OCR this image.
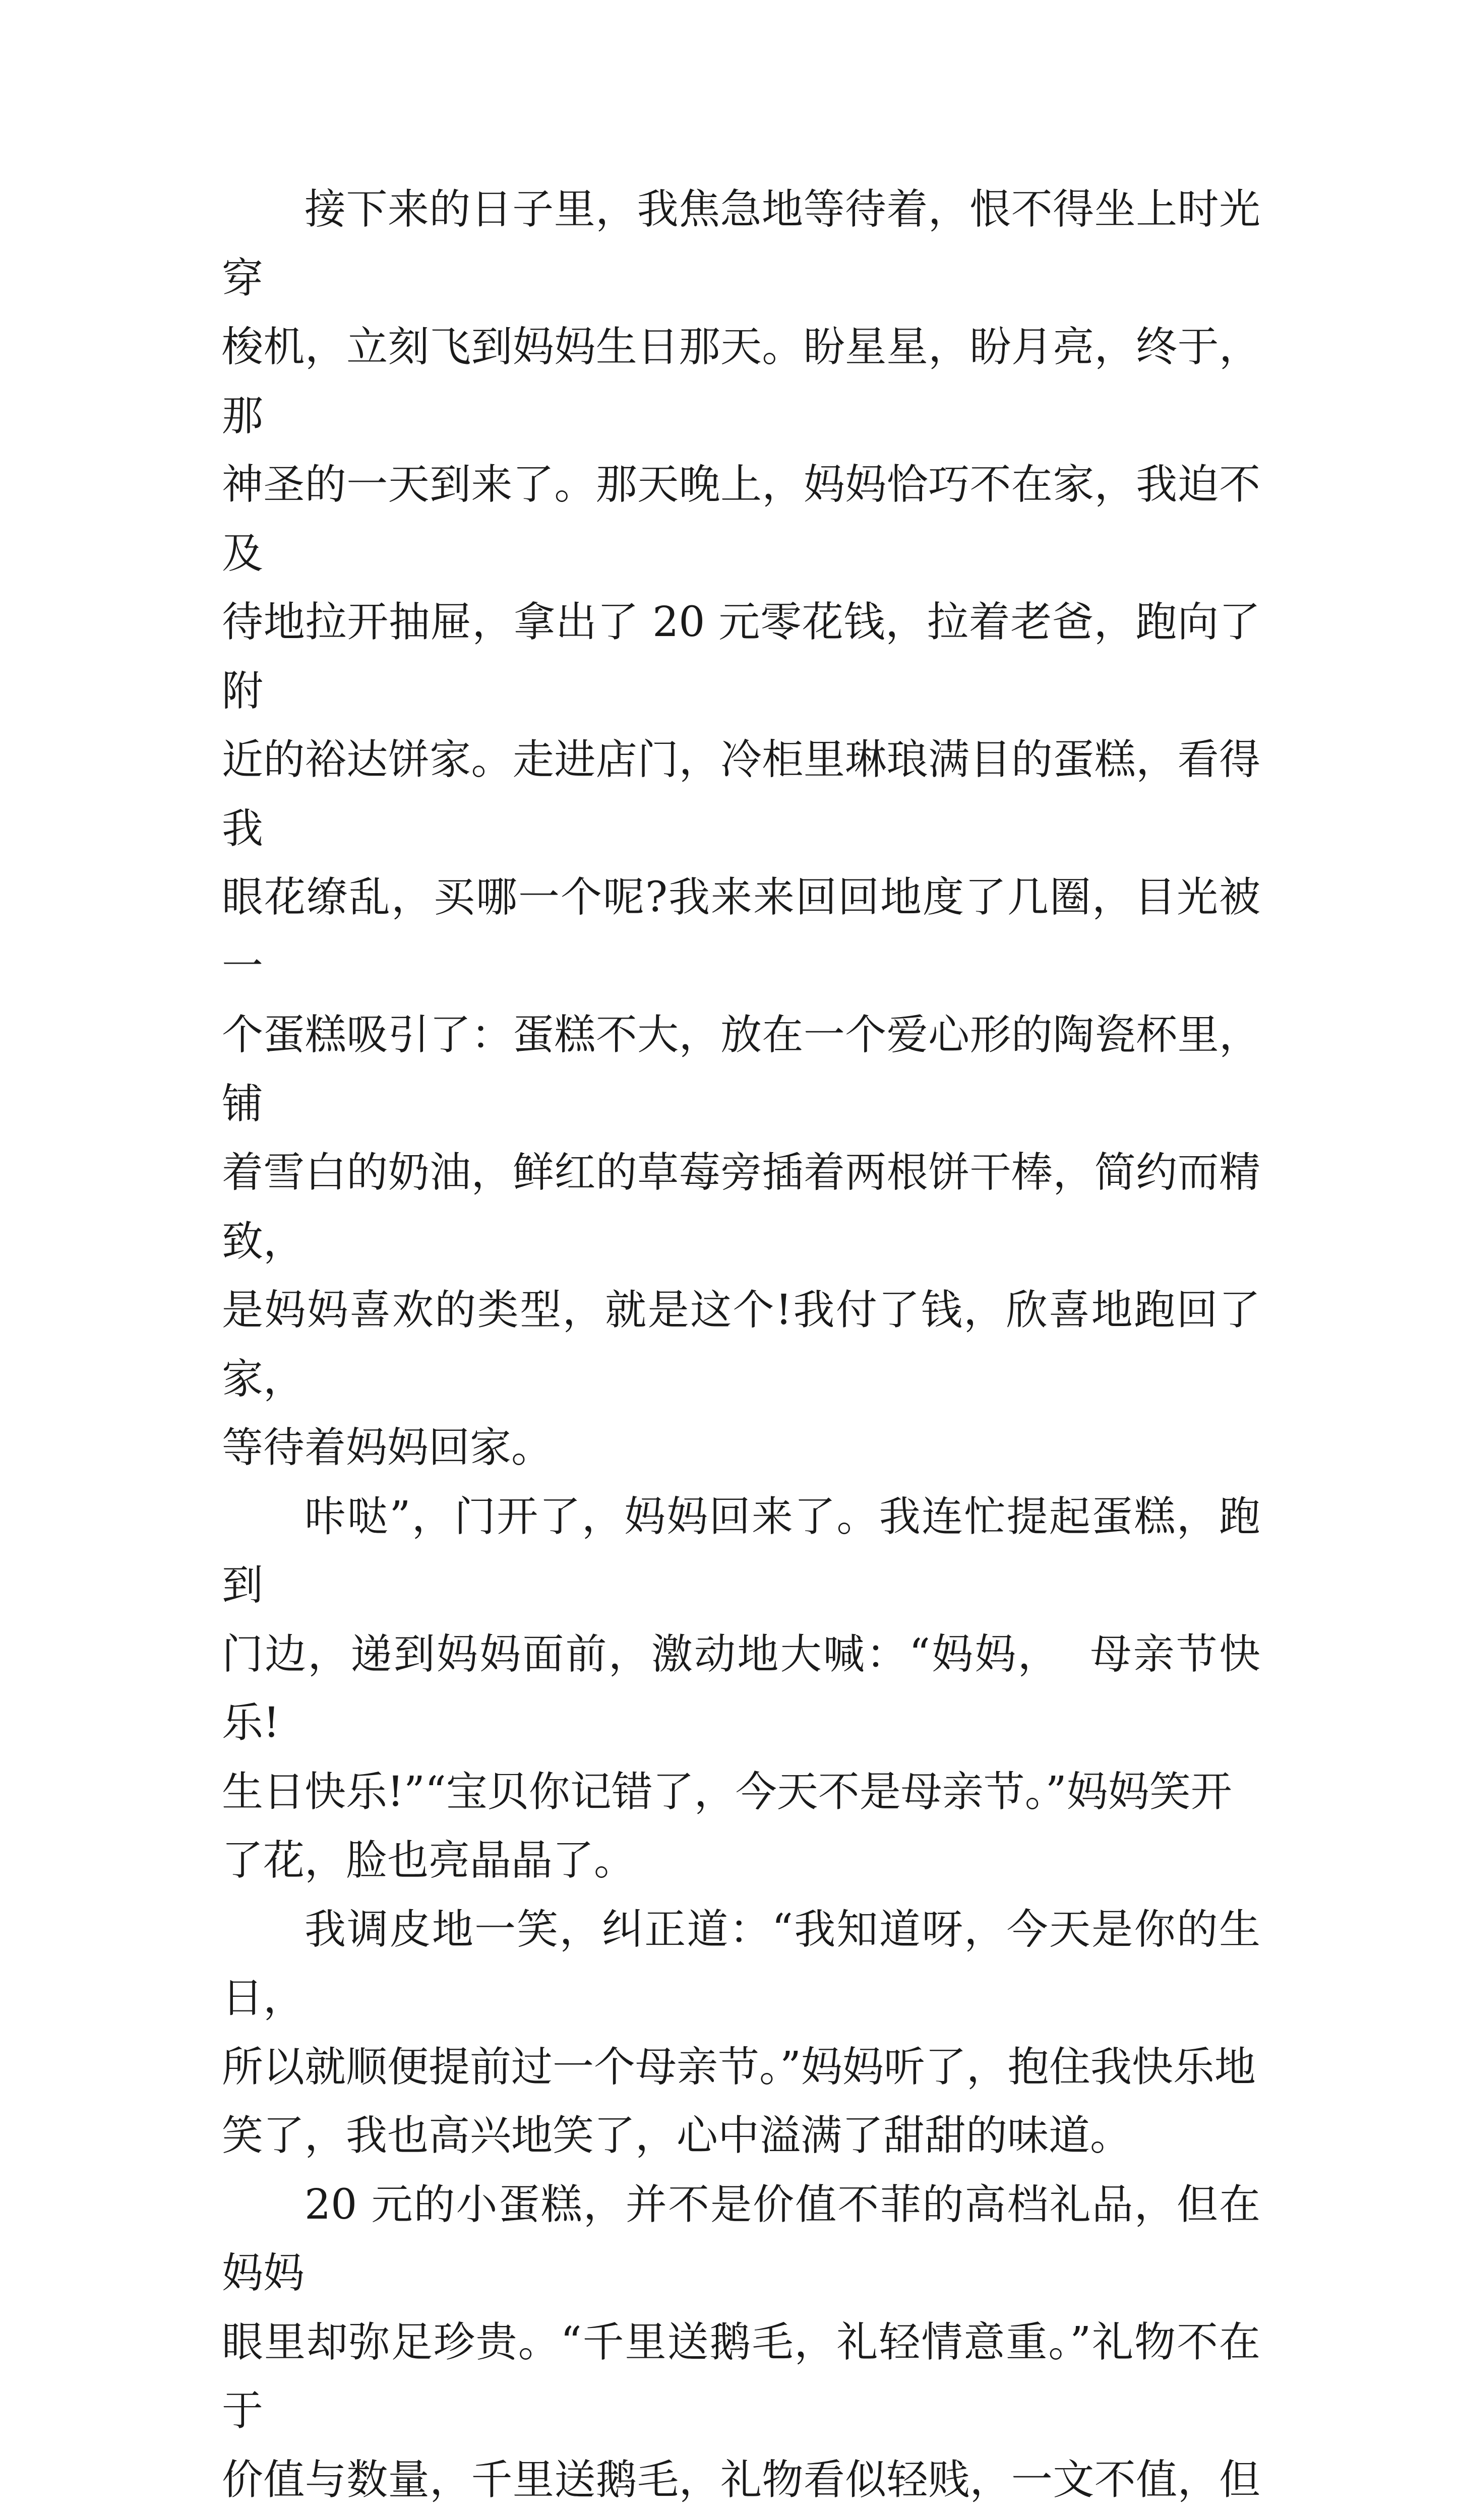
接下来的日子里，我焦急地等待着，恨不得坐上时光穿
梭机，立刻飞到妈妈生日那天。盼星星，盼月亮，终于，那
神圣的一天到来了。那天晚上，妈妈恰巧不在家，我迫不及
待地拉开抽屉，拿出了 20 元零花钱，拉着老爸，跑向了附
近的裕达饼家。走进店门，冷柜里琳琅满目的蛋糕，看得我
眼花缭乱，买哪一个呢?我来来回回地度了几圈，目光被一
个蛋糕吸引了：蛋糕不大，放在一个爱心形的陶瓷杯里，铺
着雪白的奶油，鲜红的草莓旁插着两根饼干棒，简约而精致，
是妈妈喜欢的类型，就是这个!我付了钱，欣喜地跑回了家，
等待着妈妈回家。

咔哒”，门开了，妈妈回来了。我连忙提起蛋糕，跑到
门边，递到妈妈面前，激动地大喊：“妈妈，  母亲节快乐!
生日快乐!”“宝贝你记错了，今天不是母亲节。”妈妈笑开
了花，脸也亮晶晶了。

我调皮地一笑，纠正道：“我知道呀，今天是你的生日，
所以就顺便提前过一个母亲节。”妈妈听了，抱住我快乐地
笑了，我也高兴地笑了，心中溢满了甜甜的味道。

20 元的小蛋糕，并不是价值不菲的高档礼品，但在妈妈
眼里却弥足珍贵。“千里送鹅毛，礼轻情意重。”礼物不在于
价值与数量，千里送鹅毛，礼物看似轻贱，一文不值，但
